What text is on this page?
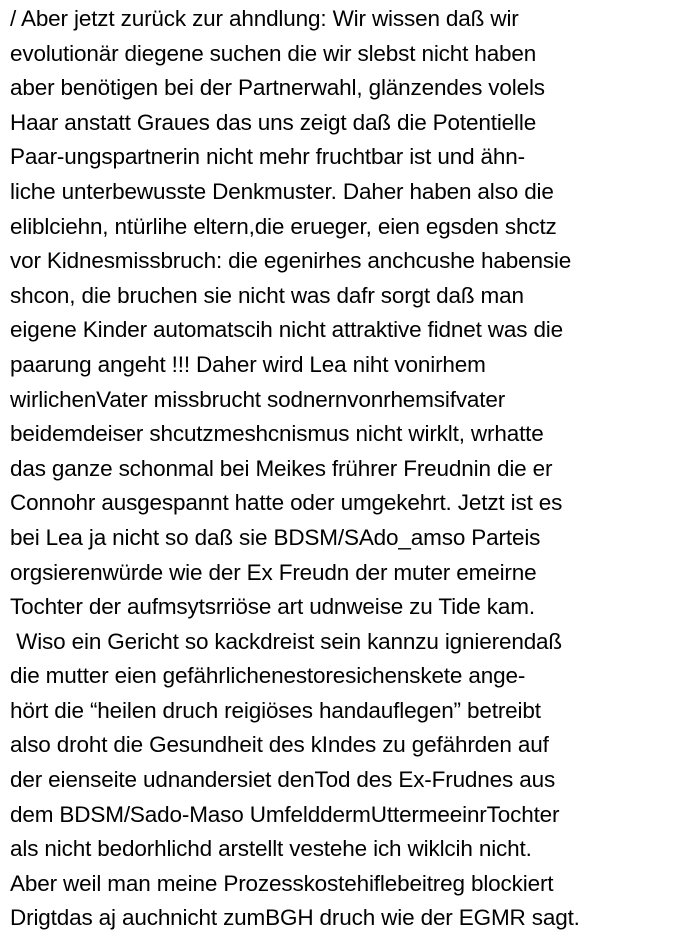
/ Aber jetzt zurück zur ahndlung: Wir wissen daß wir
evolutionär diegene suchen die wir slebst nicht haben
aber benötigen bei der Partnerwahl, glänzendes volels
Haar anstatt Graues das uns zeigt daß die Potentielle
Paar-ungspartnerin nicht mehr fruchtbar ist und ähn-
liche unterbewusste Denkmuster. Daher haben also die
eliblciehn, ntürlihe eltern,die erueger, eien egsden shctz
vor Kidnesmissbruch: die egenirhes anchcushe habensie
shcon, die bruchen sie nicht was dafr sorgt daß man
eigene Kinder automatscih nicht attraktive fidnet was die
paarung angeht !!! Daher wird Lea niht vonirhem
wirlichenVater missbrucht sodnernvonrhemsifvater
beidemdeiser shcutzmeshcnismus nicht wirklt, wrhatte
das ganze schonmal bei Meikes frührer Freudnin die er
Connohr ausgespannt hatte oder umgekehrt. Jetzt ist es
bei Lea ja nicht so daß sie BDSM/SAdo_amso Parteis
orgsierenwürde wie der Ex Freudn der muter emeirne
Tochter der aufmsytsrriöse art udnweise zu Tide kam.
Wiso ein Gericht so kackdreist sein kannzu ignierendaß
die mutter eien gefährlichenestoresichenskete ange-
hört die “heilen druch reigiöses handauflegen” betreibt
also droht die Gesundheit des kIndes zu gefährden auf
der eienseite udnandersiet denTod des Ex-Frudnes aus
dem BDSM/Sado-Maso UmfelddermUttermeeinrTochter
als nicht bedorhlichd arstellt vestehe ich wiklcih nicht.
Aber weil man meine Prozesskostehiflebeitreg blockiert
Drigtdas aj auchnicht zumBGH druch wie der EGMR sagt.
